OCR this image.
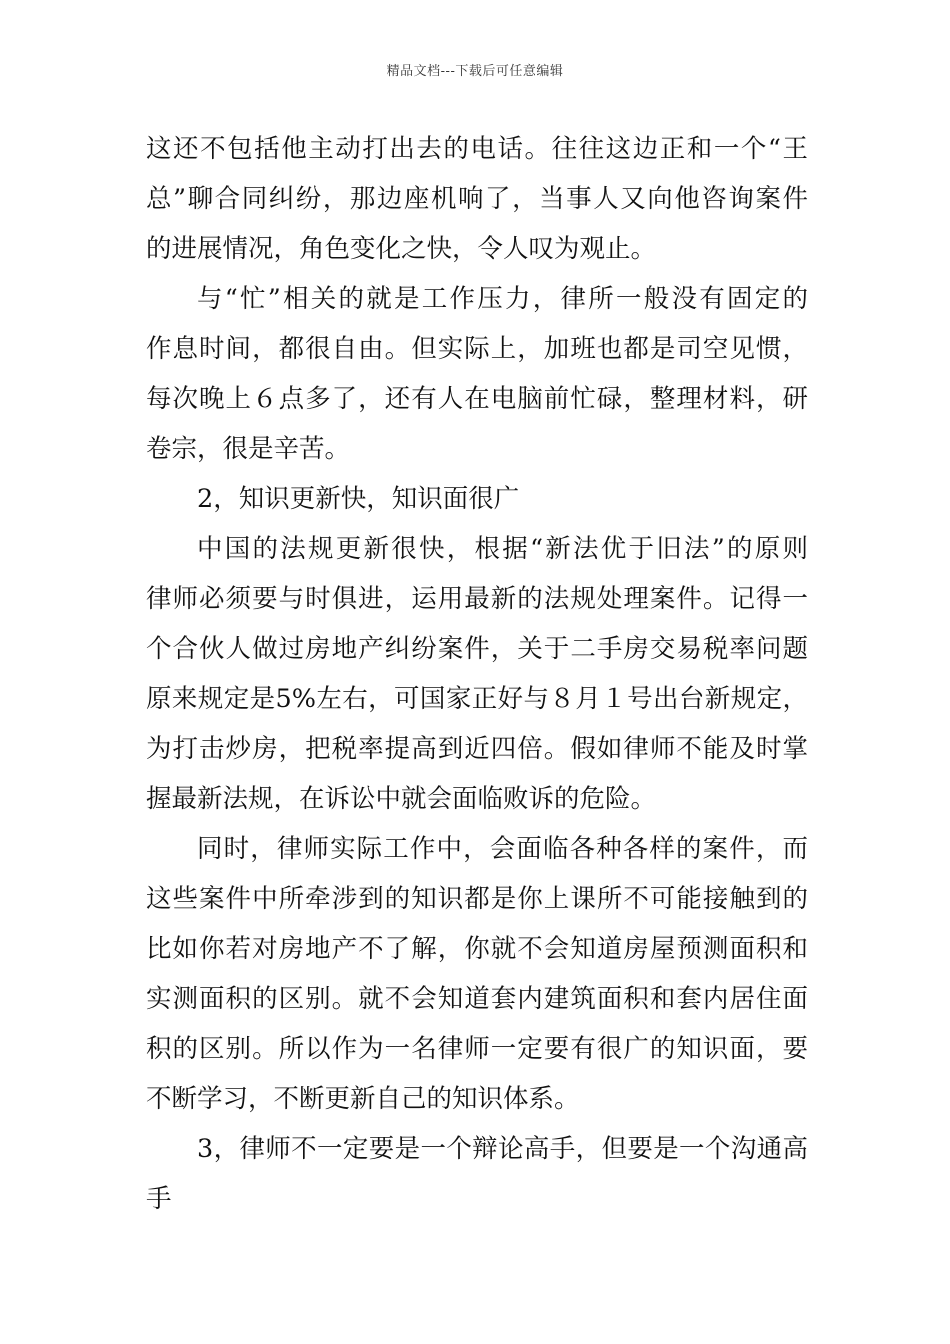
精品文档---下载后可任意编辑
这还不包括他主动打出去的电话。往往这边正和一个“王
总”聊合同纠纷，那边座机响了，当事人又向他咨询案件
的进展情况，角色变化之快，令人叹为观止。
与“忙”相关的就是工作压力，律所一般没有固定的
作息时间，都很自由。但实际上，加班也都是司空见惯，
每次晚上６点多了，还有人在电脑前忙碌，整理材料，研
卷宗，很是辛苦。
2，知识更新快，知识面很广
中国的法规更新很快，根据“新法优于旧法”的原则
律师必须要与时俱进，运用最新的法规处理案件。记得一
个合伙人做过房地产纠纷案件，关于二手房交易税率问题
原来规定是5%左右，可国家正好与８月１号出台新规定，
为打击炒房，把税率提高到近四倍。假如律师不能及时掌
握最新法规，在诉讼中就会面临败诉的危险。
同时，律师实际工作中，会面临各种各样的案件，而
这些案件中所牵涉到的知识都是你上课所不可能接触到的
比如你若对房地产不了解，你就不会知道房屋预测面积和
实测面积的区别。就不会知道套内建筑面积和套内居住面
积的区别。所以作为一名律师一定要有很广的知识面，要
不断学习，不断更新自己的知识体系。
3，律师不一定要是一个辩论高手，但要是一个沟通高
手
